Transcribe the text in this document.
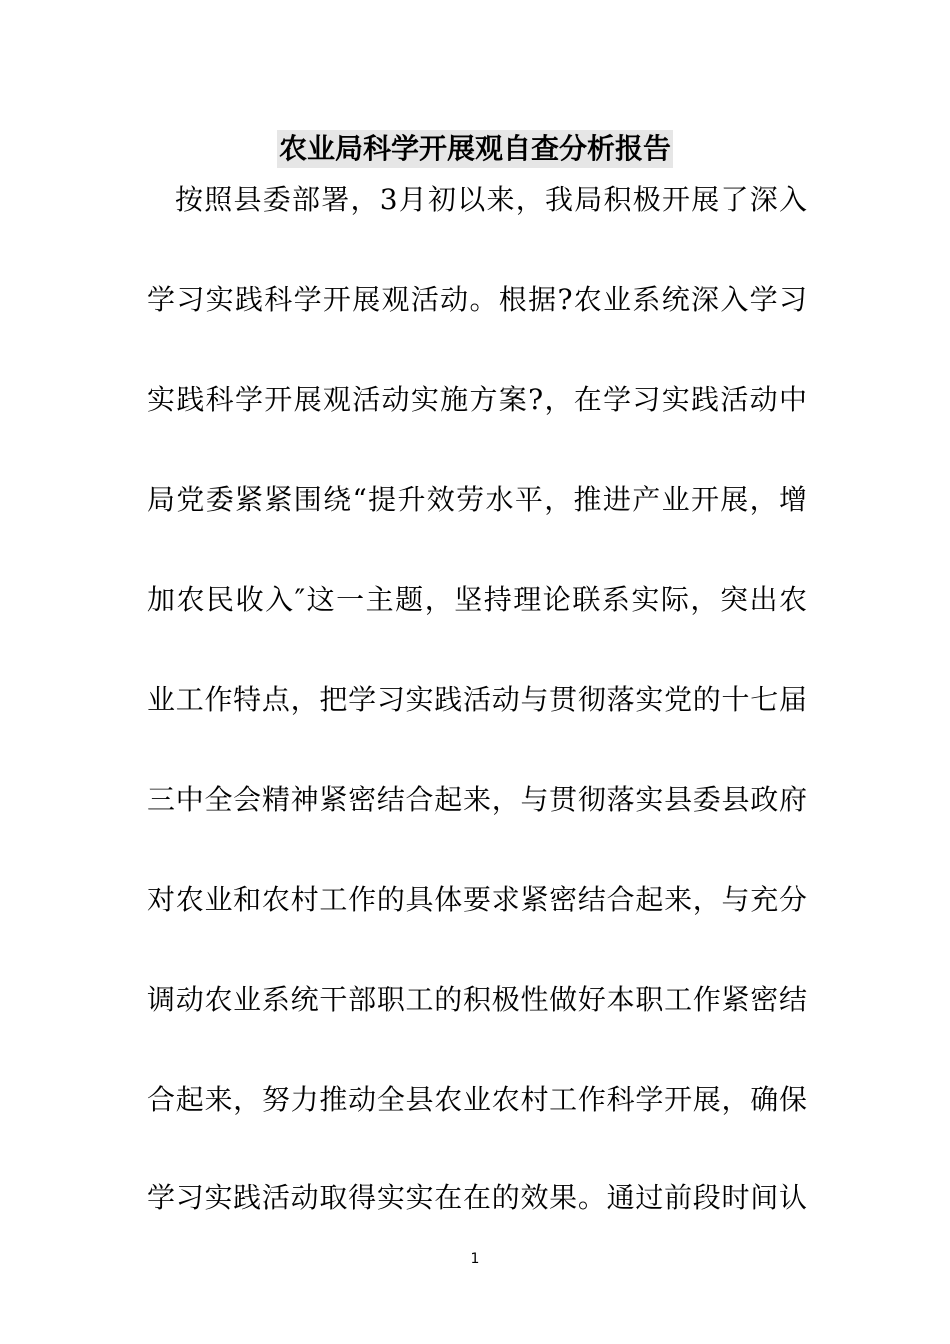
农业局科学开展观自查分析报告
按照县委部署，3月初以来，我局积极开展了深入
学习实践科学开展观活动。根据?农业系统深入学习
实践科学开展观活动实施方案?，在学习实践活动中
局党委紧紧围绕“提升效劳水平，推进产业开展，增
加农民收入″这一主题，坚持理论联系实际，突出农
业工作特点，把学习实践活动与贯彻落实党的十七届
三中全会精神紧密结合起来，与贯彻落实县委县政府
对农业和农村工作的具体要求紧密结合起来，与充分
调动农业系统干部职工的积极性做好本职工作紧密结
合起来，努力推动全县农业农村工作科学开展，确保
学习实践活动取得实实在在的效果。通过前段时间认
1
